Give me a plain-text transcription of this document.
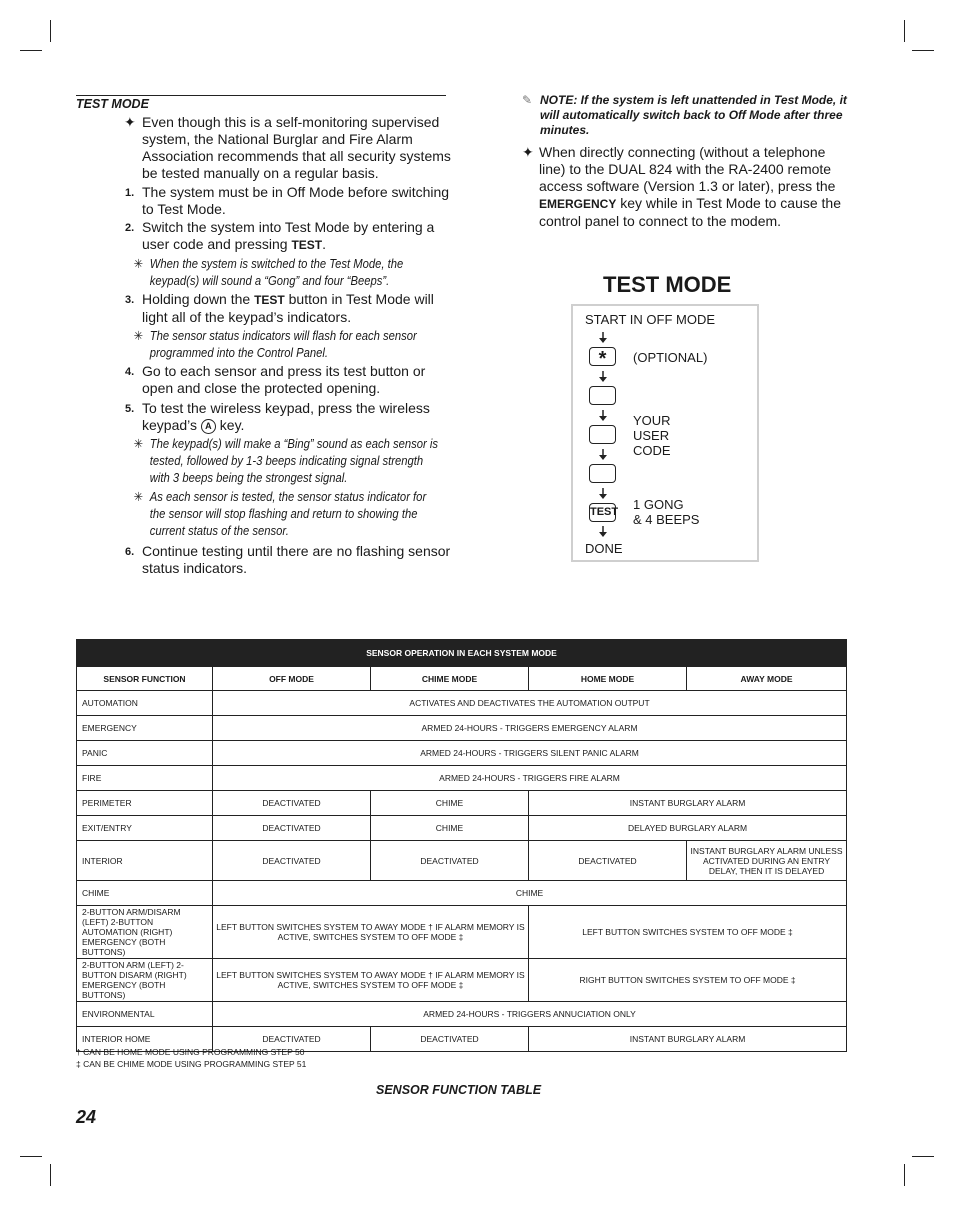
TEST MODE
✦ Even though this is a self-monitoring supervised system, the National Burglar and Fire Alarm Association recommends that all security systems be tested manually on a regular basis.
1. The system must be in Off Mode before switching to Test Mode.
2. Switch the system into Test Mode by entering a user code and pressing TEST.
✳ When the system is switched to the Test Mode, the keypad(s) will sound a “Gong” and four “Beeps”.
3. Holding down the TEST button in Test Mode will light all of the keypad’s indicators.
✳ The sensor status indicators will flash for each sensor programmed into the Control Panel.
4. Go to each sensor and press its test button or open and close the protected opening.
5. To test the wireless keypad, press the wireless keypad’s A key.
✳ The keypad(s) will make a “Bing” sound as each sensor is tested, followed by 1-3 beeps indicating signal strength with 3 beeps being the strongest signal.
✳ As each sensor is tested, the sensor status indicator for the sensor will stop flashing and return to showing the current status of the sensor.
6. Continue testing until there are no flashing sensor status indicators.
✎ NOTE: If the system is left unattended in Test Mode, it will automatically switch back to Off Mode after three minutes.
✦ When directly connecting (without a telephone line) to the DUAL 824 with the RA-2400 remote access software (Version 1.3 or later), press the EMERGENCY key while in Test Mode to cause the control panel to connect to the modem.
TEST MODE
START IN OFF MODE
*	(OPTIONAL)
YOUR
USER
CODE
TEST 1 GONG
& 4 BEEPS
DONE
SENSOR OPERATION IN EACH SYSTEM MODE				
SENSOR FUNCTION	OFF MODE	CHIME MODE	HOME MODE	AWAY MODE
AUTOMATION	ACTIVATES AND DEACTIVATES THE AUTOMATION OUTPUT			
EMERGENCY	ARMED 24-HOURS - TRIGGERS EMERGENCY ALARM			
PANIC	ARMED 24-HOURS - TRIGGERS SILENT PANIC ALARM			
FIRE	ARMED 24-HOURS - TRIGGERS FIRE ALARM			
PERIMETER	DEACTIVATED	CHIME	INSTANT BURGLARY ALARM	
EXIT/ENTRY	DEACTIVATED	CHIME	DELAYED BURGLARY ALARM	
INTERIOR	DEACTIVATED	DEACTIVATED	DEACTIVATED	INSTANT BURGLARY ALARM UNLESS ACTIVATED DURING AN ENTRY DELAY, THEN IT IS DELAYED
CHIME	CHIME			
2-BUTTON ARM/DISARM (LEFT) 2-BUTTON AUTOMATION (RIGHT) EMERGENCY (BOTH BUTTONS)	LEFT BUTTON SWITCHES SYSTEM TO AWAY MODE † IF ALARM MEMORY IS ACTIVE, SWITCHES SYSTEM TO OFF MODE ‡		LEFT BUTTON SWITCHES SYSTEM TO OFF MODE ‡	
2-BUTTON ARM (LEFT) 2-BUTTON DISARM (RIGHT) EMERGENCY (BOTH BUTTONS)	LEFT BUTTON SWITCHES SYSTEM TO AWAY MODE † IF ALARM MEMORY IS ACTIVE, SWITCHES SYSTEM TO OFF MODE ‡		RIGHT BUTTON SWITCHES SYSTEM TO OFF MODE ‡	
ENVIRONMENTAL	ARMED 24-HOURS - TRIGGERS ANNUCIATION ONLY			
INTERIOR HOME	DEACTIVATED	DEACTIVATED	INSTANT BURGLARY ALARM	
† CAN BE HOME MODE USING PROGRAMMING STEP 50
‡ CAN BE CHIME MODE USING PROGRAMMING STEP 51
SENSOR FUNCTION TABLE
24
